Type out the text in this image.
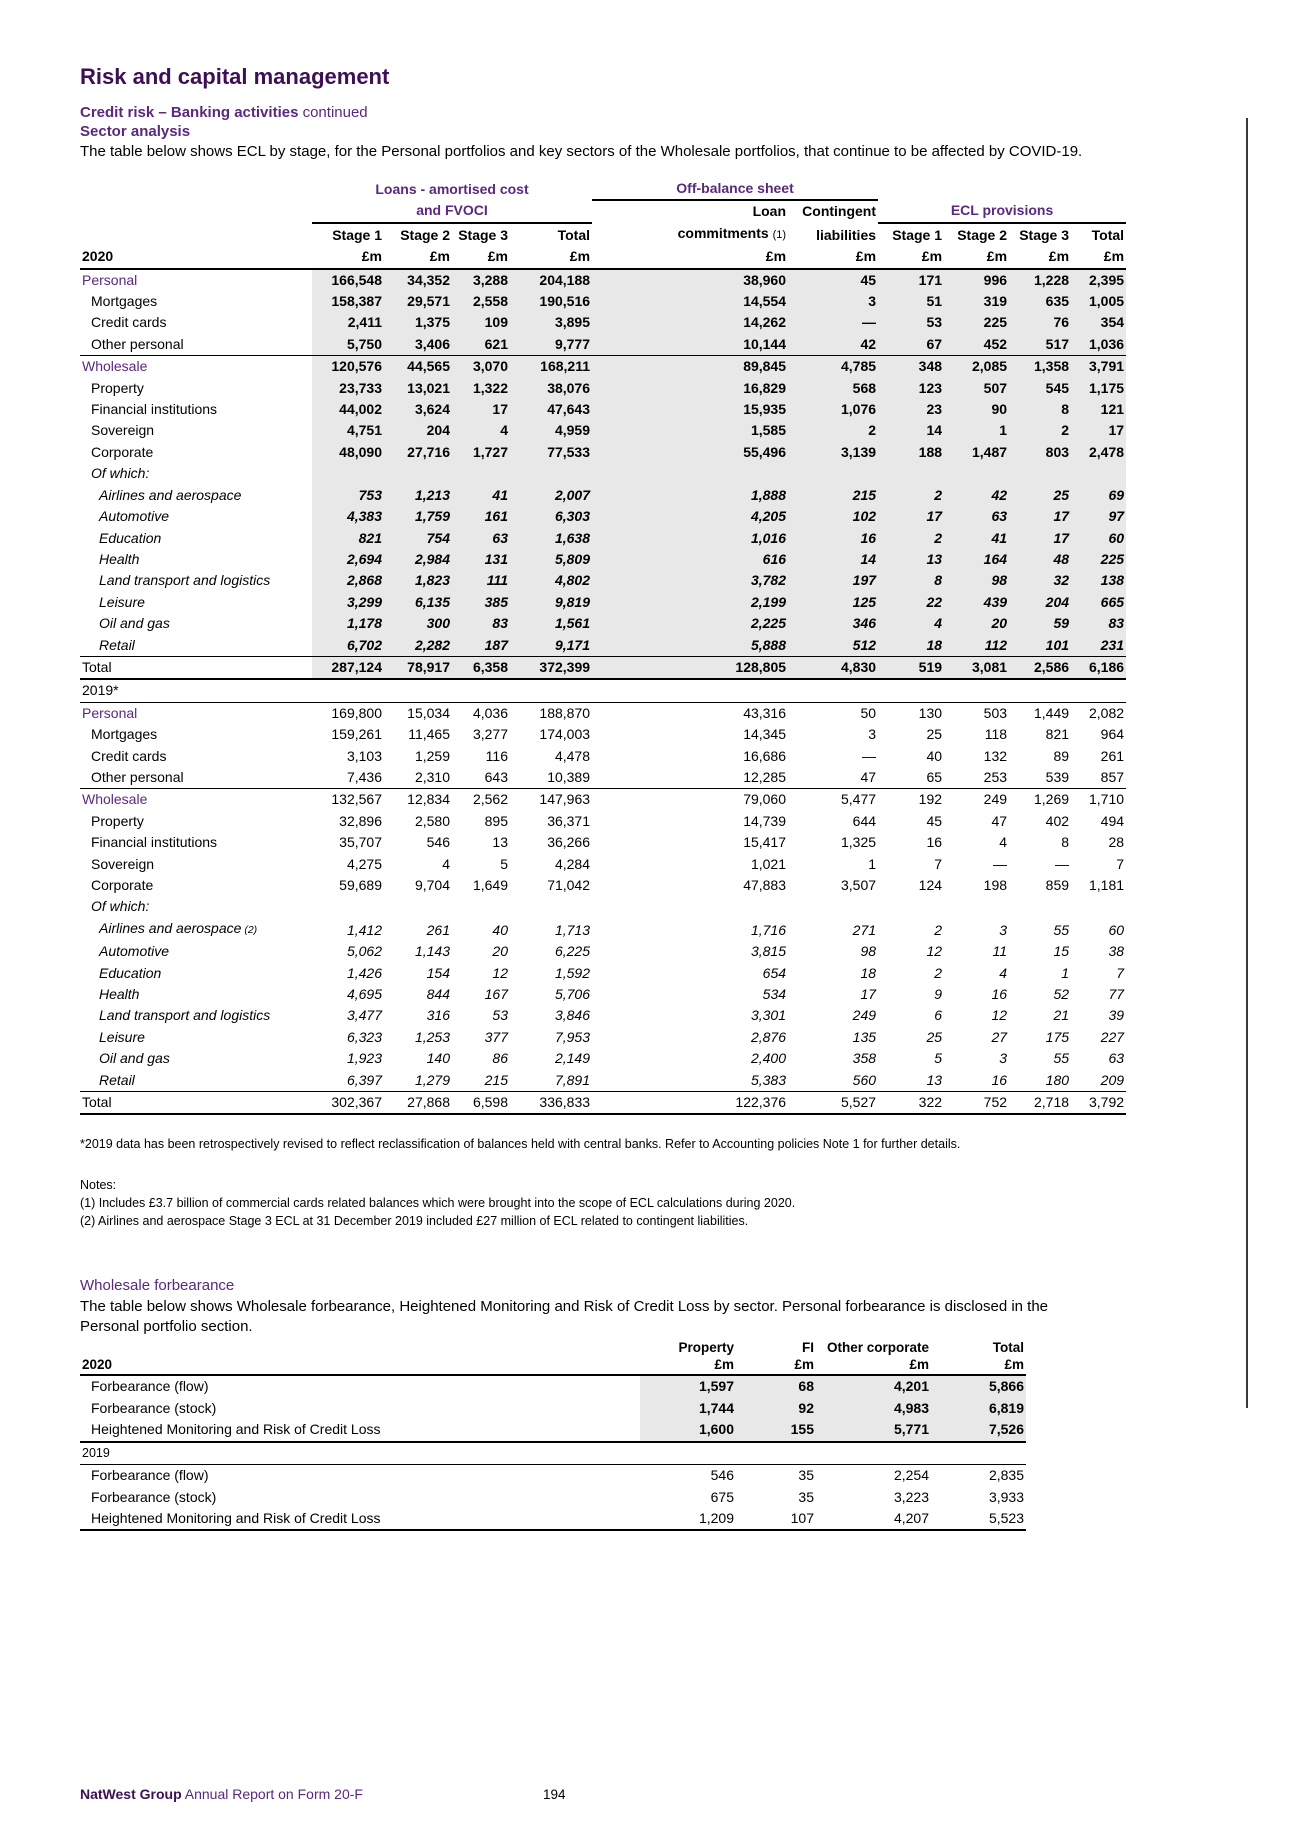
Risk and capital management
Credit risk – Banking activities continued
Sector analysis
The table below shows ECL by stage, for the Personal portfolios and key sectors of the Wholesale portfolios, that continue to be affected by COVID-19.
	Loans - amortised cost				Off-balance sheet					
	and FVOCI				Loan	Contingent	ECL provisions			
	Stage 1	Stage 2	Stage 3	Total	commitments (1)	liabilities	Stage 1	Stage 2	Stage 3	Total
2020	£m	£m	£m	£m	£m	£m	£m	£m	£m	£m
Personal	166,548	34,352	3,288	204,188	38,960	45	171	996	1,228	2,395
Mortgages	158,387	29,571	2,558	190,516	14,554	3	51	319	635	1,005
Credit cards	2,411	1,375	109	3,895	14,262	—	53	225	76	354
Other personal	5,750	3,406	621	9,777	10,144	42	67	452	517	1,036
Wholesale	120,576	44,565	3,070	168,211	89,845	4,785	348	2,085	1,358	3,791
Property	23,733	13,021	1,322	38,076	16,829	568	123	507	545	1,175
Financial institutions	44,002	3,624	17	47,643	15,935	1,076	23	90	8	121
Sovereign	4,751	204	4	4,959	1,585	2	14	1	2	17
Corporate	48,090	27,716	1,727	77,533	55,496	3,139	188	1,487	803	2,478
Of which:										
Airlines and aerospace	753	1,213	41	2,007	1,888	215	2	42	25	69
Automotive	4,383	1,759	161	6,303	4,205	102	17	63	17	97
Education	821	754	63	1,638	1,016	16	2	41	17	60
Health	2,694	2,984	131	5,809	616	14	13	164	48	225
Land transport and logistics	2,868	1,823	111	4,802	3,782	197	8	98	32	138
Leisure	3,299	6,135	385	9,819	2,199	125	22	439	204	665
Oil and gas	1,178	300	83	1,561	2,225	346	4	20	59	83
Retail	6,702	2,282	187	9,171	5,888	512	18	112	101	231
Total	287,124	78,917	6,358	372,399	128,805	4,830	519	3,081	2,586	6,186
2019*										
Personal	169,800	15,034	4,036	188,870	43,316	50	130	503	1,449	2,082
Mortgages	159,261	11,465	3,277	174,003	14,345	3	25	118	821	964
Credit cards	3,103	1,259	116	4,478	16,686	—	40	132	89	261
Other personal	7,436	2,310	643	10,389	12,285	47	65	253	539	857
Wholesale	132,567	12,834	2,562	147,963	79,060	5,477	192	249	1,269	1,710
Property	32,896	2,580	895	36,371	14,739	644	45	47	402	494
Financial institutions	35,707	546	13	36,266	15,417	1,325	16	4	8	28
Sovereign	4,275	4	5	4,284	1,021	1	7	—	—	7
Corporate	59,689	9,704	1,649	71,042	47,883	3,507	124	198	859	1,181
Of which:										
Airlines and aerospace (2)	1,412	261	40	1,713	1,716	271	2	3	55	60
Automotive	5,062	1,143	20	6,225	3,815	98	12	11	15	38
Education	1,426	154	12	1,592	654	18	2	4	1	7
Health	4,695	844	167	5,706	534	17	9	16	52	77
Land transport and logistics	3,477	316	53	3,846	3,301	249	6	12	21	39
Leisure	6,323	1,253	377	7,953	2,876	135	25	27	175	227
Oil and gas	1,923	140	86	2,149	2,400	358	5	3	55	63
Retail	6,397	1,279	215	7,891	5,383	560	13	16	180	209
Total	302,367	27,868	6,598	336,833	122,376	5,527	322	752	2,718	3,792
*2019 data has been retrospectively revised to reflect reclassification of balances held with central banks. Refer to Accounting policies Note 1 for further details.
Notes:
(1) Includes £3.7 billion of commercial cards related balances which were brought into the scope of ECL calculations during 2020.
(2) Airlines and aerospace Stage 3 ECL at 31 December 2019 included £27 million of ECL related to contingent liabilities.
Wholesale forbearance
The table below shows Wholesale forbearance, Heightened Monitoring and Risk of Credit Loss by sector. Personal forbearance is disclosed in the Personal portfolio section.
	Property	FI	Other corporate	Total
2020	£m	£m	£m	£m
Forbearance (flow)	1,597	68	4,201	5,866
Forbearance (stock)	1,744	92	4,983	6,819
Heightened Monitoring and Risk of Credit Loss	1,600	155	5,771	7,526
2019				
Forbearance (flow)	546	35	2,254	2,835
Forbearance (stock)	675	35	3,223	3,933
Heightened Monitoring and Risk of Credit Loss	1,209	107	4,207	5,523
NatWest Group Annual Report on Form 20-F	194
